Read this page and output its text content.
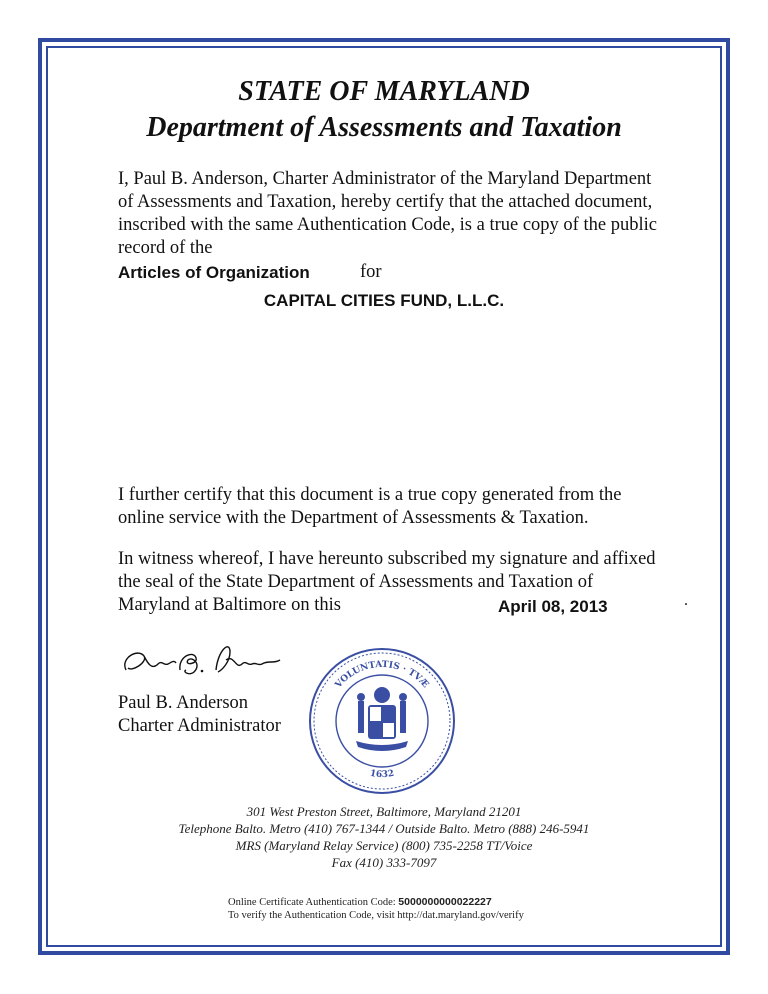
STATE OF MARYLAND
Department of Assessments and Taxation
I, Paul B. Anderson, Charter Administrator of the Maryland Department of Assessments and Taxation, hereby certify that the attached document, inscribed with the same Authentication Code, is a true copy of the public record of the
Articles of Organization	for
CAPITAL CITIES FUND, L.L.C.
I further certify that this document is a true copy generated from the online service with the Department of Assessments & Taxation.
In witness whereof, I have hereunto subscribed my signature and affixed the seal of the State Department of Assessments and Taxation of Maryland at Baltimore on this	April 08, 2013	.
Paul B. Anderson
Charter Administrator
VOLUNTATIS · TVÆ
1632
301 West Preston Street, Baltimore, Maryland 21201
Telephone Balto. Metro (410) 767-1344 / Outside Balto. Metro (888) 246-5941
MRS (Maryland Relay Service) (800) 735-2258 TT/Voice
Fax (410) 333-7097
Online Certificate Authentication Code: 5000000000022227
To verify the Authentication Code, visit http://dat.maryland.gov/verify
